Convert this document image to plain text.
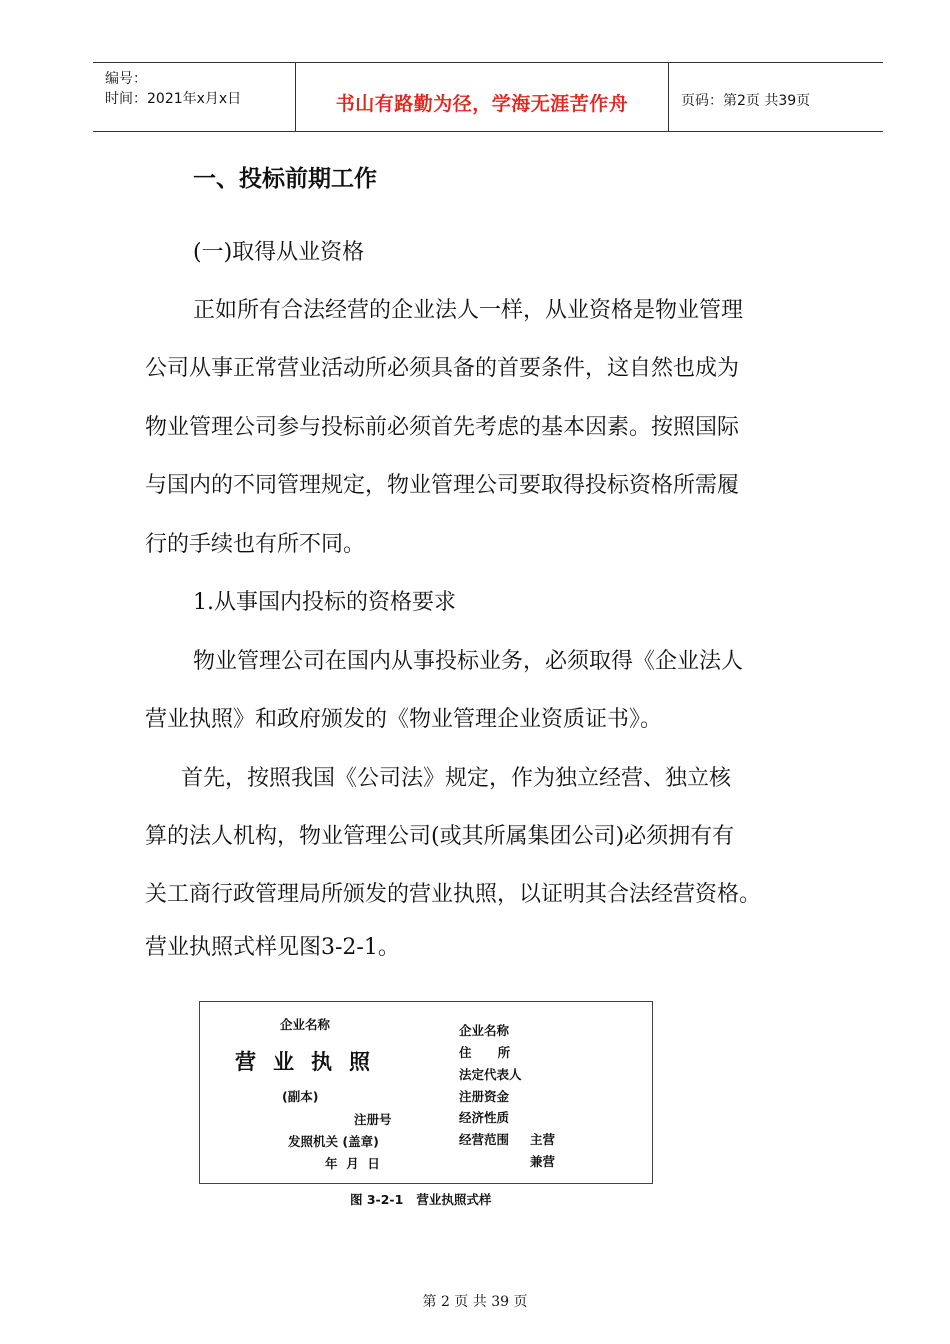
编号：
时间：2021年x月x日	书山有路勤为径，学海无涯苦作舟	页码：第2页 共39页
一、投标前期工作
(一)取得从业资格
正如所有合法经营的企业法人一样，从业资格是物业管理
公司从事正常营业活动所必须具备的首要条件，这自然也成为
物业管理公司参与投标前必须首先考虑的基本因素。按照国际
与国内的不同管理规定，物业管理公司要取得投标资格所需履
行的手续也有所不同。
1.从事国内投标的资格要求
物业管理公司在国内从事投标业务，必须取得《企业法人
营业执照》和政府颁发的《物业管理企业资质证书》。
首先，按照我国《公司法》规定，作为独立经营、独立核
算的法人机构，物业管理公司(或其所属集团公司)必须拥有有
关工商行政管理局所颁发的营业执照，以证明其合法经营资格。
营业执照式样见图3-2-1。
企业名称
营业执照
(副本)
注册号
发照机关 (盖章)
年  月  日
企业名称
住      所
法定代表人
注册资金
经济性质
经营范围 主营
兼营
图 3-2-1   营业执照式样
第 2 页 共 39 页
